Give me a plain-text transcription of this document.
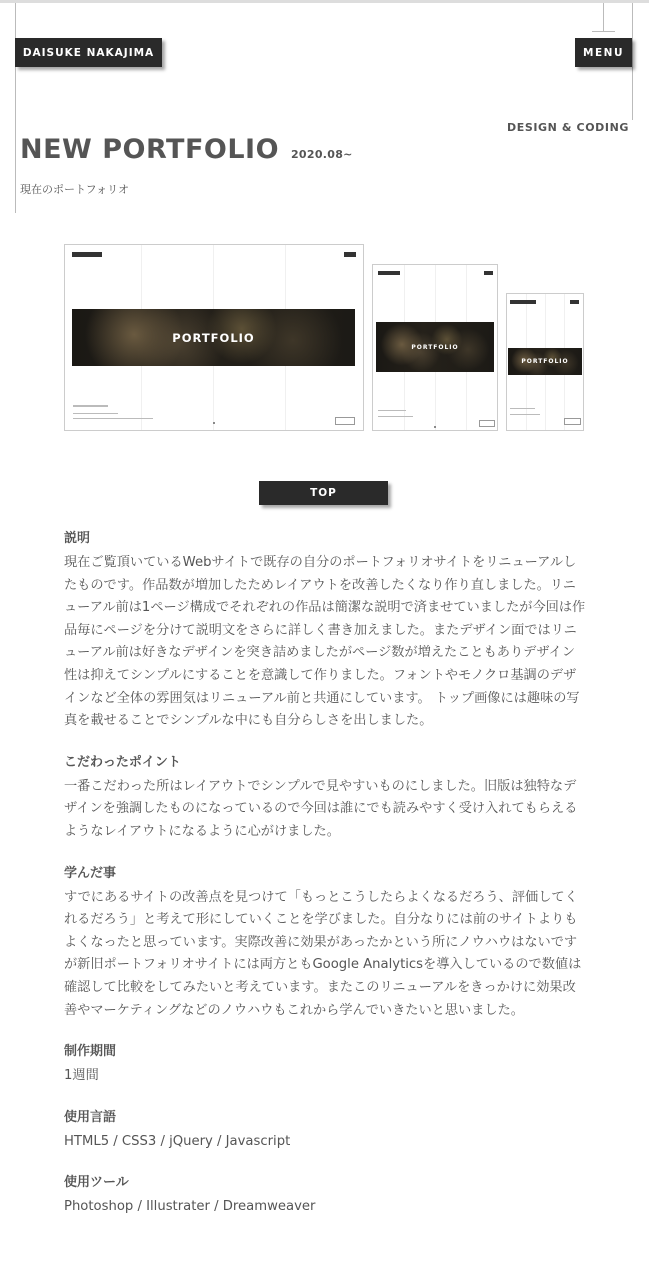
DAISUKE NAKAJIMA	MENU
DESIGN & CODING
NEW PORTFOLIO 2020.08~
現在のポートフォリオ
PORTFOLIO
PORTFOLIO
PORTFOLIO
TOP
説明

現在ご覧頂いているWebサイトで既存の自分のポートフォリオサイトをリニューアルしたものです。作品数が増加したためレイアウトを改善したくなり作り直しました。リニューアル前は1ページ構成でそれぞれの作品は簡潔な説明で済ませていましたが今回は作品毎にページを分けて説明文をさらに詳しく書き加えました。またデザイン面ではリニューアル前は好きなデザインを突き詰めましたがページ数が増えたこともありデザイン性は抑えてシンプルにすることを意識して作りました。フォントやモノクロ基調のデザインなど全体の雰囲気はリニューアル前と共通にしています。 トップ画像には趣味の写真を載せることでシンプルな中にも自分らしさを出しました。

こだわったポイント

一番こだわった所はレイアウトでシンプルで見やすいものにしました。旧版は独特なデザインを強調したものになっているので今回は誰にでも読みやすく受け入れてもらえるようなレイアウトになるように心がけました。

学んだ事

すでにあるサイトの改善点を見つけて「もっとこうしたらよくなるだろう、評価してくれるだろう」と考えて形にしていくことを学びました。自分なりには前のサイトよりもよくなったと思っています。実際改善に効果があったかという所にノウハウはないですが新旧ポートフォリオサイトには両方ともGoogle Analyticsを導入しているので数値は確認して比較をしてみたいと考えています。またこのリニューアルをきっかけに効果改善やマーケティングなどのノウハウもこれから学んでいきたいと思いました。

制作期間

1週間

使用言語

HTML5 / CSS3 / jQuery / Javascript

使用ツール

Photoshop / Illustrater / Dreamweaver
